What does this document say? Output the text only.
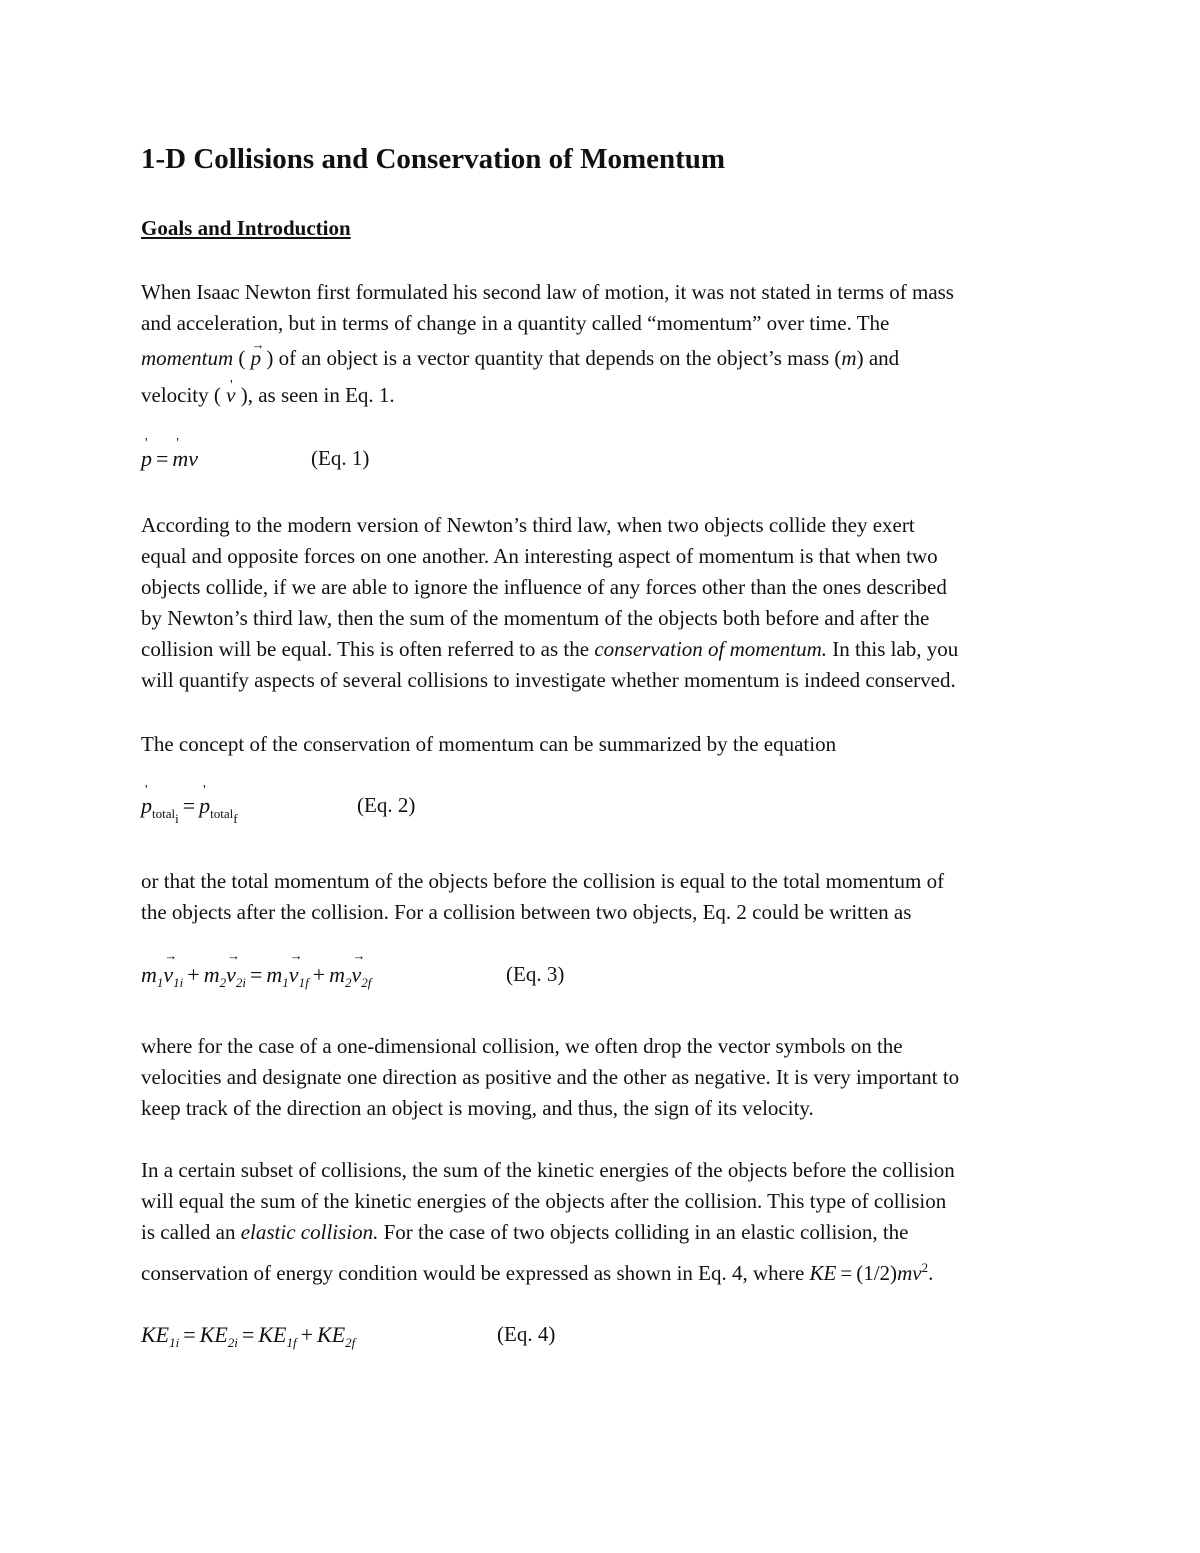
1-D Collisions and Conservation of Momentum
Goals and Introduction
When Isaac Newton first formulated his second law of motion, it was not stated in terms of mass
and acceleration, but in terms of change in a quantity called “momentum” over time. The
momentum ( → p ) of an object is a vector quantity that depends on the object’s mass (m) and
velocity ( ' v ), as seen in Eq. 1.
' p =' mv	(Eq. 1)
According to the modern version of Newton’s third law, when two objects collide they exert
equal and opposite forces on one another. An interesting aspect of momentum is that when two
objects collide, if we are able to ignore the influence of any forces other than the ones described
by Newton’s third law, then the sum of the momentum of the objects both before and after the
collision will be equal. This is often referred to as the conservation of momentum. In this lab, you
will quantify aspects of several collisions to investigate whether momentum is indeed conserved.
The concept of the conservation of momentum can be summarized by the equation
' $p_{total_i}='$ $p_{total_f}$
(Eq. 2)
or that the total momentum of the objects before the collision is equal to the total momentum of
the objects after the collision. For a collision between two objects, Eq. 2 could be written as
$m_1\to v_{1i} + m_2\to v_{2i} = m_1\to v_{1f} + m_2\to v_{2f}$	(Eq. 3)
where for the case of a one-dimensional collision, we often drop the vector symbols on the
velocities and designate one direction as positive and the other as negative. It is very important to
keep track of the direction an object is moving, and thus, the sign of its velocity.
In a certain subset of collisions, the sum of the kinetic energies of the objects before the collision
will equal the sum of the kinetic energies of the objects after the collision. This type of collision
is called an elastic collision. For the case of two objects colliding in an elastic collision, the
conservation of energy condition would be expressed as shown in Eq. 4, where KE = $(1/2)mv^2$.
$KE_{1i} = KE_{2i} = KE_{1f} + KE_{2f}$	(Eq. 4)
